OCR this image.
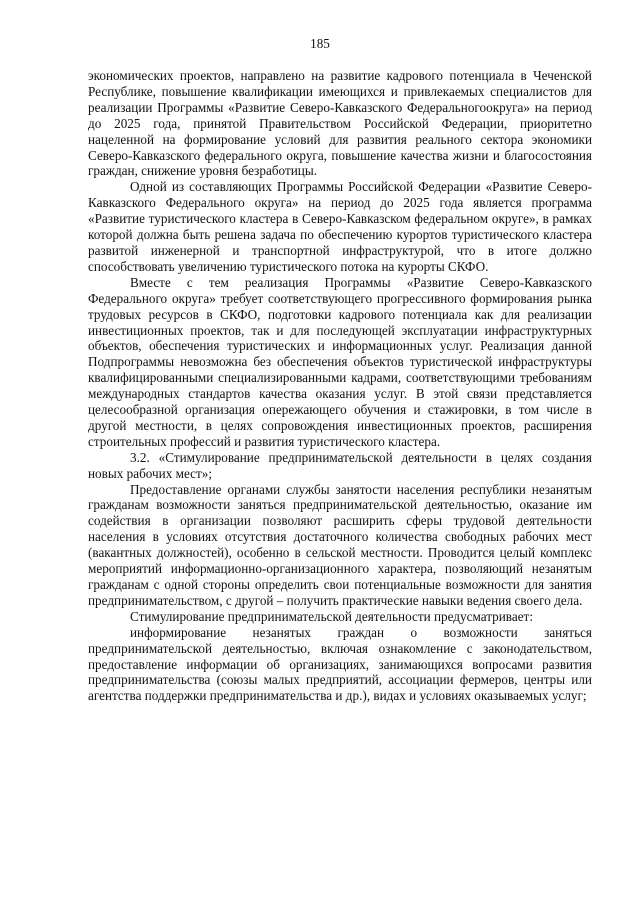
185

экономических проектов, направлено на развитие кадрового потенциала в Чеченской Республике, повышение квалификации имеющихся и привлекаемых специалистов для реализации Программы «Развитие Северо-Кавказского Федеральногоокруга» на период до 2025 года, принятой Правительством Российской Федерации, приоритетно нацеленной на формирование условий для развития реального сектора экономики Северо-Кавказского федерального округа, повышение качества жизни и благосостояния граждан, снижение уровня безработицы.

Одной из составляющих Программы Российской Федерации «Развитие Северо-Кавказского Федерального округа» на период до 2025 года является программа «Развитие туристического кластера в Северо-Кавказском федеральном округе», в рамках которой должна быть решена задача по обеспечению курортов туристического кластера развитой инженерной и транспортной инфраструктурой, что в итоге должно способствовать увеличению туристического потока на курорты СКФО.

Вместе с тем реализация Программы «Развитие Северо-Кавказского Федерального округа» требует соответствующего прогрессивного формирования рынка трудовых ресурсов в СКФО, подготовки кадрового потенциала как для реализации инвестиционных проектов, так и для последующей эксплуатации инфраструктурных объектов, обеспечения туристических и информационных услуг. Реализация данной Подпрограммы невозможна без обеспечения объектов туристической инфраструктуры квалифицированными специализированными кадрами, соответствующими требованиям международных стандартов качества оказания услуг. В этой связи представляется целесообразной организация опережающего обучения и стажировки, в том числе в другой местности, в целях сопровождения инвестиционных проектов, расширения строительных профессий и развития туристического кластера.

3.2. «Стимулирование предпринимательской деятельности в целях создания новых рабочих мест»;

Предоставление органами службы занятости населения республики незанятым гражданам возможности заняться предпринимательской деятельностью, оказание им содействия в организации позволяют расширить сферы трудовой деятельности населения в условиях отсутствия достаточного количества свободных рабочих мест (вакантных должностей), особенно в сельской местности. Проводится целый комплекс мероприятий информационно-организационного характера, позволяющий незанятым гражданам с одной стороны определить свои потенциальные возможности для занятия предпринимательством, с другой – получить практические навыки ведения своего дела.

Стимулирование предпринимательской деятельности предусматривает:

информирование незанятых граждан о возможности заняться предпринимательской деятельностью, включая ознакомление с законодательством, предоставление информации об организациях, занимающихся вопросами развития предпринимательства (союзы малых предприятий, ассоциации фермеров, центры или агентства поддержки предпринимательства и др.), видах и условиях оказываемых услуг;
